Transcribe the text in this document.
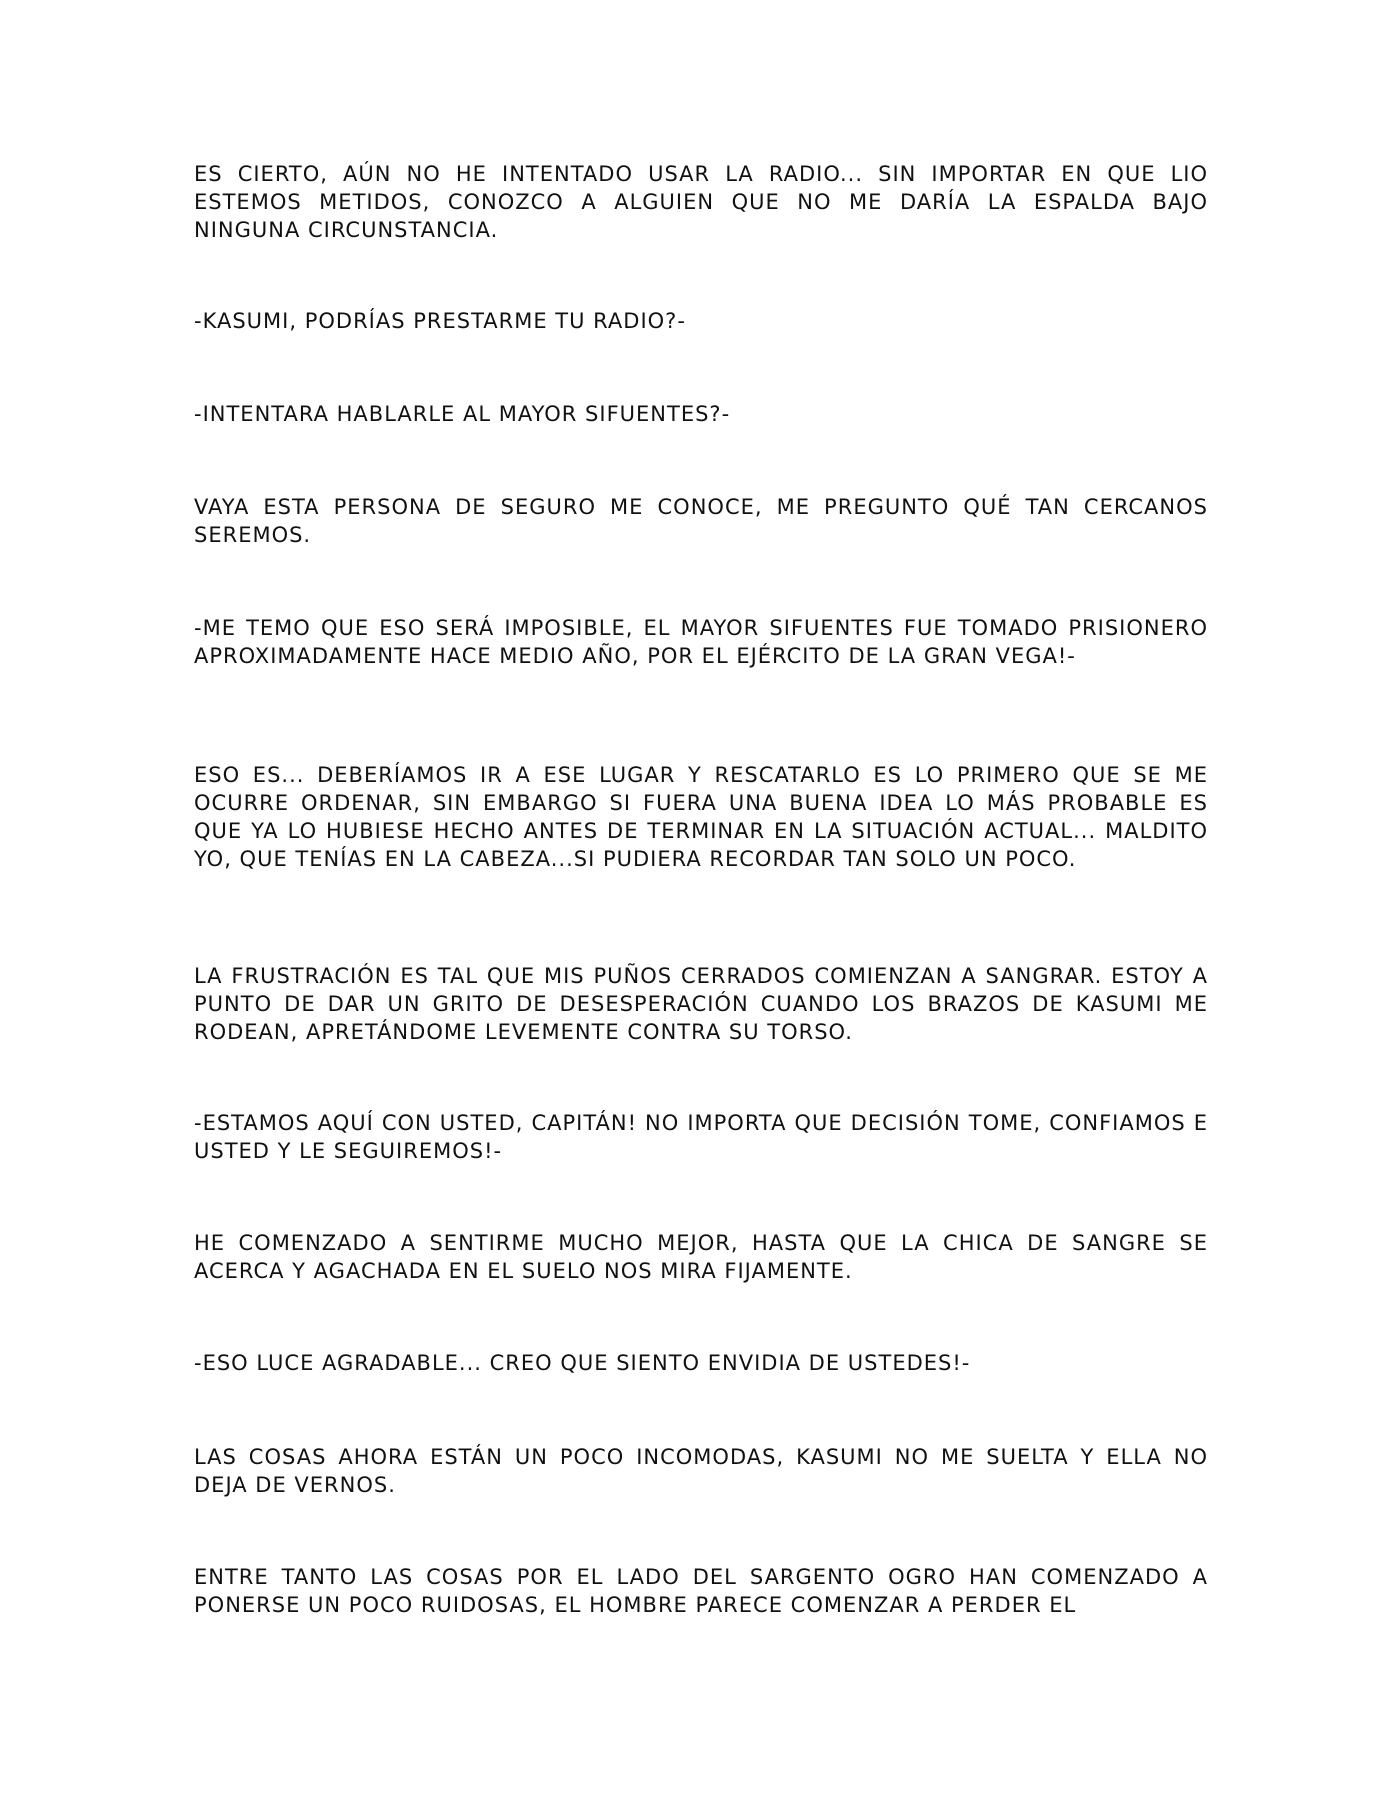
ES CIERTO, AÚN NO HE INTENTADO USAR LA RADIO... SIN IMPORTAR EN QUE LIO ESTEMOS METIDOS, CONOZCO A ALGUIEN QUE NO ME DARÍA LA ESPALDA BAJO NINGUNA CIRCUNSTANCIA.

-KASUMI, PODRÍAS PRESTARME TU RADIO?-

-INTENTARA HABLARLE AL MAYOR SIFUENTES?-

VAYA ESTA PERSONA DE SEGURO ME CONOCE, ME PREGUNTO QUÉ TAN CERCANOS SEREMOS.

-ME TEMO QUE ESO SERÁ IMPOSIBLE, EL MAYOR SIFUENTES FUE TOMADO PRISIONERO APROXIMADAMENTE HACE MEDIO AÑO, POR EL EJÉRCITO DE LA GRAN VEGA!-

ESO ES... DEBERÍAMOS IR A ESE LUGAR Y RESCATARLO ES LO PRIMERO QUE SE ME OCURRE ORDENAR, SIN EMBARGO SI FUERA UNA BUENA IDEA LO MÁS PROBABLE ES QUE YA LO HUBIESE HECHO ANTES DE TERMINAR EN LA SITUACIÓN ACTUAL... MALDITO YO, QUE TENÍAS EN LA CABEZA...SI PUDIERA RECORDAR TAN SOLO UN POCO.

LA FRUSTRACIÓN ES TAL QUE MIS PUÑOS CERRADOS COMIENZAN A SANGRAR. ESTOY A PUNTO DE DAR UN GRITO DE DESESPERACIÓN CUANDO LOS BRAZOS DE KASUMI ME RODEAN, APRETÁNDOME LEVEMENTE CONTRA SU TORSO.

-ESTAMOS AQUÍ CON USTED, CAPITÁN! NO IMPORTA QUE DECISIÓN TOME, CONFIAMOS E USTED Y LE SEGUIREMOS!-

HE COMENZADO A SENTIRME MUCHO MEJOR, HASTA QUE LA CHICA DE SANGRE SE ACERCA Y AGACHADA EN EL SUELO NOS MIRA FIJAMENTE.

-ESO LUCE AGRADABLE... CREO QUE SIENTO ENVIDIA DE USTEDES!-

LAS COSAS AHORA ESTÁN UN POCO INCOMODAS, KASUMI NO ME SUELTA Y ELLA NO DEJA DE VERNOS.

ENTRE TANTO LAS COSAS POR EL LADO DEL SARGENTO OGRO HAN COMENZADO A PONERSE UN POCO RUIDOSAS, EL HOMBRE PARECE COMENZAR A PERDER EL
